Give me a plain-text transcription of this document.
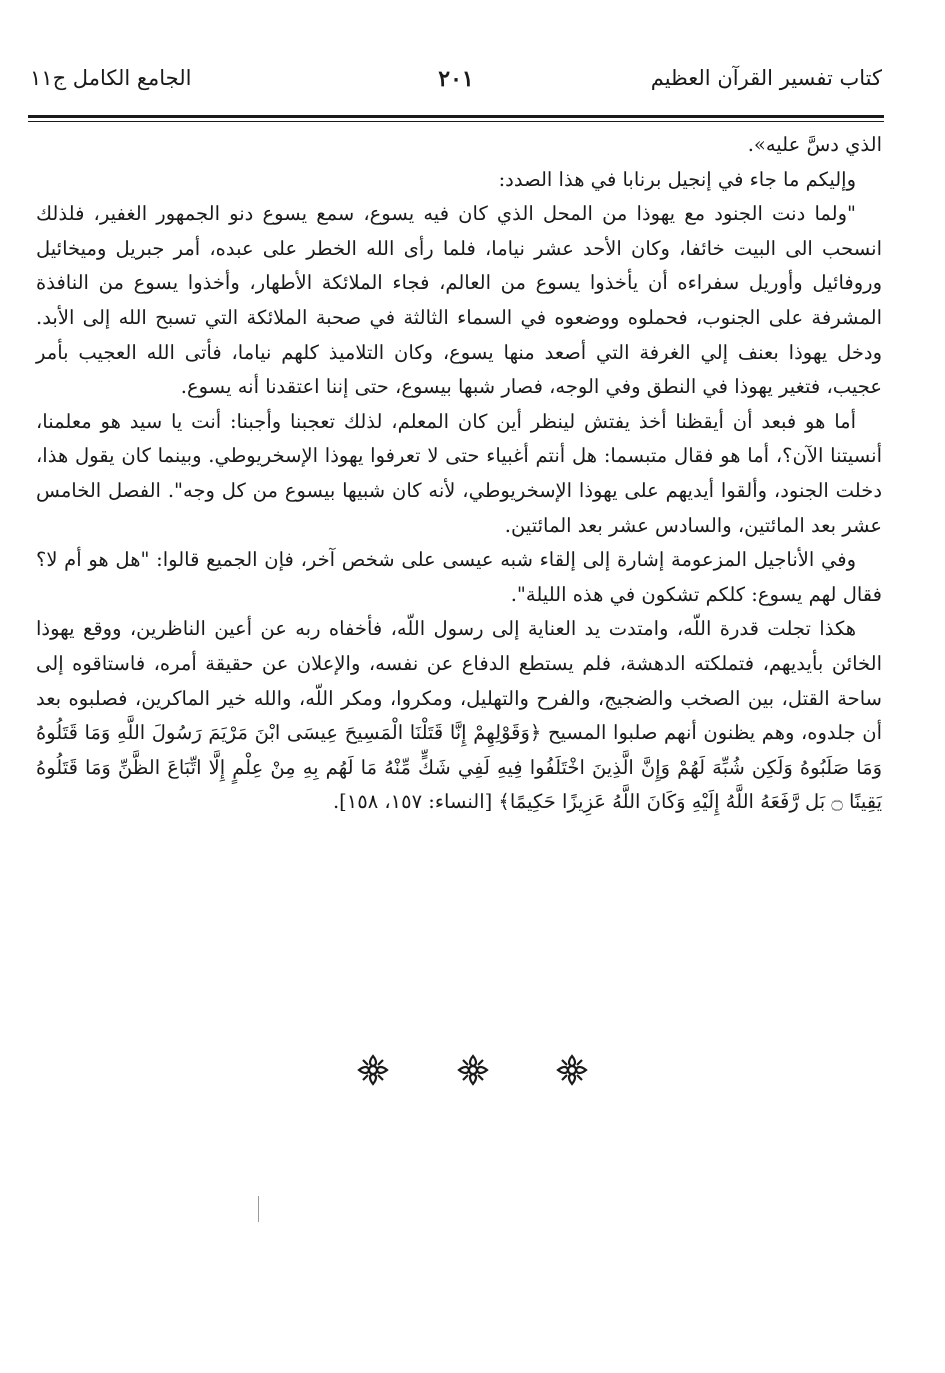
كتاب تفسير القرآن العظيم
٢٠١
الجامع الكامل ج١١

الذي دسَّ عليه».

وإليكم ما جاء في إنجيل برنابا في هذا الصدد:

"ولما دنت الجنود مع يهوذا من المحل الذي كان فيه يسوع، سمع يسوع دنو الجمهور الغفير، فلذلك انسحب الى البيت خائفا، وكان الأحد عشر نياما، فلما رأى الله الخطر على عبده، أمر جبريل وميخائيل وروفائيل وأوريل سفراءه أن يأخذوا يسوع من العالم، فجاء الملائكة الأطهار، وأخذوا يسوع من النافذة المشرفة على الجنوب، فحملوه ووضعوه في السماء الثالثة في صحبة الملائكة التي تسبح الله إلى الأبد. ودخل يهوذا بعنف إلي الغرفة التي أصعد منها يسوع، وكان التلاميذ كلهم نياما، فأتى الله العجيب بأمر عجيب، فتغير يهوذا في النطق وفي الوجه، فصار شبها بيسوع، حتى إننا اعتقدنا أنه يسوع.

أما هو فبعد أن أيقظنا أخذ يفتش لينظر أين كان المعلم، لذلك تعجبنا وأجبنا: أنت يا سيد هو معلمنا، أنسيتنا الآن؟، أما هو فقال متبسما: هل أنتم أغبياء حتى لا تعرفوا يهوذا الإسخريوطي. وبينما كان يقول هذا، دخلت الجنود، وألقوا أيديهم على يهوذا الإسخريوطي، لأنه كان شبيها بيسوع من كل وجه". الفصل الخامس عشر بعد المائتين، والسادس عشر بعد المائتين.

وفي الأناجيل المزعومة إشارة إلى إلقاء شبه عيسى على شخص آخر، فإن الجميع قالوا: "هل هو أم لا؟ فقال لهم يسوع: كلكم تشكون في هذه الليلة".

هكذا تجلت قدرة اللّه، وامتدت يد العناية إلى رسول اللّه، فأخفاه ربه عن أعين الناظرين، ووقع يهوذا الخائن بأيديهم، فتملكته الدهشة، فلم يستطع الدفاع عن نفسه، والإعلان عن حقيقة أمره، فاستاقوه إلى ساحة القتل، بين الصخب والضجيج، والفرح والتهليل، ومكروا، ومكر اللّه، والله خير الماكرين، فصلبوه بعد أن جلدوه، وهم يظنون أنهم صلبوا المسيح ﴿وَقَوْلِهِمْ إِنَّا قَتَلْنَا الْمَسِيحَ عِيسَى ابْنَ مَرْيَمَ رَسُولَ اللَّهِ وَمَا قَتَلُوهُ وَمَا صَلَبُوهُ وَلَكِن شُبِّهَ لَهُمْ وَإِنَّ الَّذِينَ اخْتَلَفُوا فِيهِ لَفِي شَكٍّ مِّنْهُ مَا لَهُم بِهِ مِنْ عِلْمٍ إِلَّا اتِّبَاعَ الظَّنِّ وَمَا قَتَلُوهُ يَقِينًا ۝ بَل رَّفَعَهُ اللَّهُ إِلَيْهِ وَكَانَ اللَّهُ عَزِيزًا حَكِيمًا﴾ [النساء: ١٥٧، ١٥٨].
